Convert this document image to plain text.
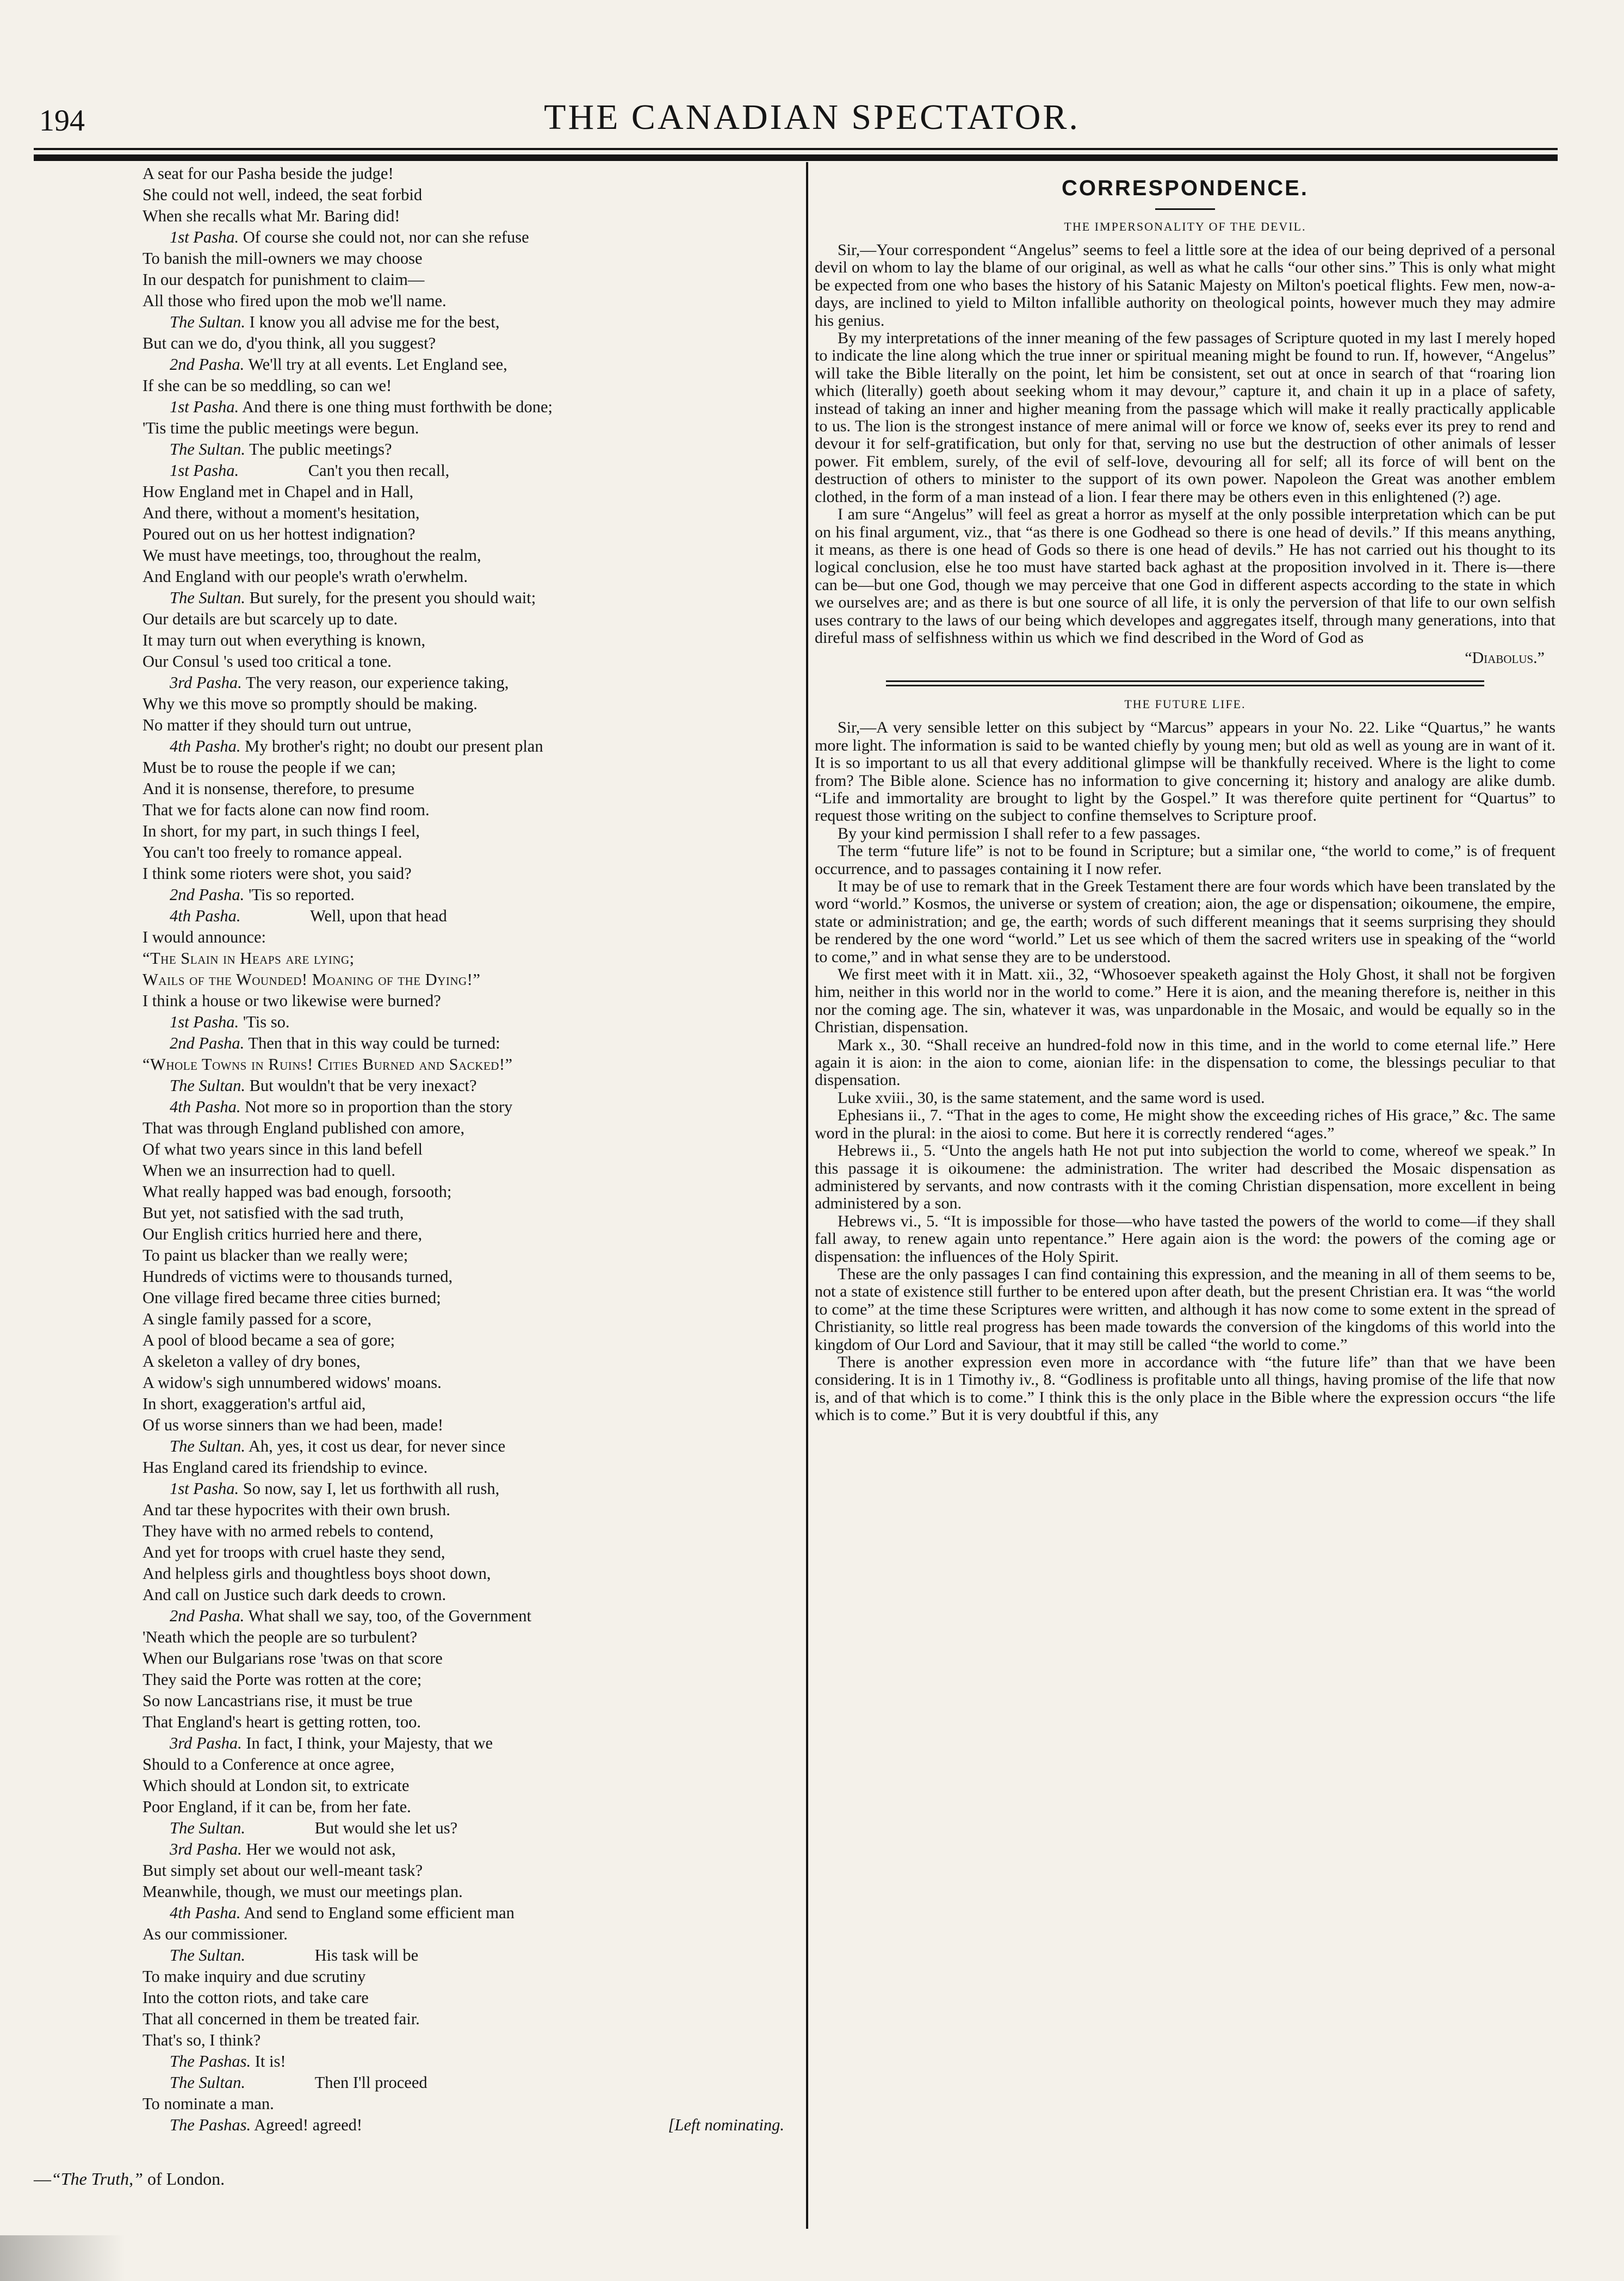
194	THE CANADIAN SPECTATOR.
A seat for our Pasha beside the judge!
She could not well, indeed, the seat forbid
When she recalls what Mr. Baring did!
1st Pasha. Of course she could not, nor can she refuse
To banish the mill-owners we may choose
In our despatch for punishment to claim—
All those who fired upon the mob we'll name.
The Sultan. I know you all advise me for the best,
But can we do, d'you think, all you suggest?
2nd Pasha. We'll try at all events. Let England see,
If she can be so meddling, so can we!
1st Pasha. And there is one thing must forthwith be done;
'Tis time the public meetings were begun.
The Sultan. The public meetings?
1st Pasha.	Can't you then recall,
How England met in Chapel and in Hall,
And there, without a moment's hesitation,
Poured out on us her hottest indignation?
We must have meetings, too, throughout the realm,
And England with our people's wrath o'erwhelm.
The Sultan. But surely, for the present you should wait;
Our details are but scarcely up to date.
It may turn out when everything is known,
Our Consul 's used too critical a tone.
3rd Pasha. The very reason, our experience taking,
Why we this move so promptly should be making.
No matter if they should turn out untrue,
4th Pasha. My brother's right; no doubt our present plan
Must be to rouse the people if we can;
And it is nonsense, therefore, to presume
That we for facts alone can now find room.
In short, for my part, in such things I feel,
You can't too freely to romance appeal.
I think some rioters were shot, you said?
2nd Pasha. 'Tis so reported.
4th Pasha.	Well, upon that head
I would announce:
“The Slain in Heaps are lying;
Wails of the Wounded! Moaning of the Dying!”
I think a house or two likewise were burned?
1st Pasha. 'Tis so.
2nd Pasha. Then that in this way could be turned:
“Whole Towns in Ruins! Cities Burned and Sacked!”
The Sultan. But wouldn't that be very inexact?
4th Pasha. Not more so in proportion than the story
That was through England published con amore,
Of what two years since in this land befell
When we an insurrection had to quell.
What really happed was bad enough, forsooth;
But yet, not satisfied with the sad truth,
Our English critics hurried here and there,
To paint us blacker than we really were;
Hundreds of victims were to thousands turned,
One village fired became three cities burned;
A single family passed for a score,
A pool of blood became a sea of gore;
A skeleton a valley of dry bones,
A widow's sigh unnumbered widows' moans.
In short, exaggeration's artful aid,
Of us worse sinners than we had been, made!
The Sultan. Ah, yes, it cost us dear, for never since
Has England cared its friendship to evince.
1st Pasha. So now, say I, let us forthwith all rush,
And tar these hypocrites with their own brush.
They have with no armed rebels to contend,
And yet for troops with cruel haste they send,
And helpless girls and thoughtless boys shoot down,
And call on Justice such dark deeds to crown.
2nd Pasha. What shall we say, too, of the Government
'Neath which the people are so turbulent?
When our Bulgarians rose 'twas on that score
They said the Porte was rotten at the core;
So now Lancastrians rise, it must be true
That England's heart is getting rotten, too.
3rd Pasha. In fact, I think, your Majesty, that we
Should to a Conference at once agree,
Which should at London sit, to extricate
Poor England, if it can be, from her fate.
The Sultan.	But would she let us?
3rd Pasha. Her we would not ask,
But simply set about our well-meant task?
Meanwhile, though, we must our meetings plan.
4th Pasha. And send to England some efficient man
As our commissioner.
The Sultan.	His task will be
To make inquiry and due scrutiny
Into the cotton riots, and take care
That all concerned in them be treated fair.
That's so, I think?
The Pashas. It is!
The Sultan.	Then I'll proceed
To nominate a man.
The Pashas. Agreed! agreed!	[Left nominating.
—“The Truth,” of London.
CORRESPONDENCE.
THE IMPERSONALITY OF THE DEVIL.

Sir,—Your correspondent “Angelus” seems to feel a little sore at the idea of our being deprived of a personal devil on whom to lay the blame of our original, as well as what he calls “our other sins.” This is only what might be expected from one who bases the history of his Satanic Majesty on Milton's poetical flights. Few men, now-a-days, are inclined to yield to Milton infallible authority on theological points, however much they may admire his genius.

By my interpretations of the inner meaning of the few passages of Scripture quoted in my last I merely hoped to indicate the line along which the true inner or spiritual meaning might be found to run. If, however, “Angelus” will take the Bible literally on the point, let him be consistent, set out at once in search of that “roaring lion which (literally) goeth about seeking whom it may devour,” capture it, and chain it up in a place of safety, instead of taking an inner and higher meaning from the passage which will make it really practically applicable to us. The lion is the strongest instance of mere animal will or force we know of, seeks ever its prey to rend and devour it for self-gratification, but only for that, serving no use but the destruction of other animals of lesser power. Fit emblem, surely, of the evil of self-love, devouring all for self; all its force of will bent on the destruction of others to minister to the support of its own power. Napoleon the Great was another emblem clothed, in the form of a man instead of a lion. I fear there may be others even in this enlightened (?) age.

I am sure “Angelus” will feel as great a horror as myself at the only possible interpretation which can be put on his final argument, viz., that “as there is one Godhead so there is one head of devils.” If this means anything, it means, as there is one head of Gods so there is one head of devils.” He has not carried out his thought to its logical conclusion, else he too must have started back aghast at the proposition involved in it. There is—there can be—but one God, though we may perceive that one God in different aspects according to the state in which we ourselves are; and as there is but one source of all life, it is only the perversion of that life to our own selfish uses contrary to the laws of our being which developes and aggregates itself, through many generations, into that direful mass of selfishness within us which we find described in the Word of God as

“Diabolus.”
THE FUTURE LIFE.

Sir,—A very sensible letter on this subject by “Marcus” appears in your No. 22. Like “Quartus,” he wants more light. The information is said to be wanted chiefly by young men; but old as well as young are in want of it. It is so important to us all that every additional glimpse will be thankfully received. Where is the light to come from? The Bible alone. Science has no information to give concerning it; history and analogy are alike dumb. “Life and immortality are brought to light by the Gospel.” It was therefore quite pertinent for “Quartus” to request those writing on the subject to confine themselves to Scripture proof.

By your kind permission I shall refer to a few passages.

The term “future life” is not to be found in Scripture; but a similar one, “the world to come,” is of frequent occurrence, and to passages containing it I now refer.

It may be of use to remark that in the Greek Testament there are four words which have been translated by the word “world.” Kosmos, the universe or system of creation; aion, the age or dispensation; oikoumene, the empire, state or administration; and ge, the earth; words of such different meanings that it seems surprising they should be rendered by the one word “world.” Let us see which of them the sacred writers use in speaking of the “world to come,” and in what sense they are to be understood.

We first meet with it in Matt. xii., 32, “Whosoever speaketh against the Holy Ghost, it shall not be forgiven him, neither in this world nor in the world to come.” Here it is aion, and the meaning therefore is, neither in this nor the coming age. The sin, whatever it was, was unpardonable in the Mosaic, and would be equally so in the Christian, dispensation.

Mark x., 30. “Shall receive an hundred-fold now in this time, and in the world to come eternal life.” Here again it is aion: in the aion to come, aionian life: in the dispensation to come, the blessings peculiar to that dispensation.

Luke xviii., 30, is the same statement, and the same word is used.

Ephesians ii., 7. “That in the ages to come, He might show the exceeding riches of His grace,” &c. The same word in the plural: in the aiosi to come. But here it is correctly rendered “ages.”

Hebrews ii., 5. “Unto the angels hath He not put into subjection the world to come, whereof we speak.” In this passage it is oikoumene: the administration. The writer had described the Mosaic dispensation as administered by servants, and now contrasts with it the coming Christian dispensation, more excellent in being administered by a son.

Hebrews vi., 5. “It is impossible for those—who have tasted the powers of the world to come—if they shall fall away, to renew again unto repentance.” Here again aion is the word: the powers of the coming age or dispensation: the influences of the Holy Spirit.

These are the only passages I can find containing this expression, and the meaning in all of them seems to be, not a state of existence still further to be entered upon after death, but the present Christian era. It was “the world to come” at the time these Scriptures were written, and although it has now come to some extent in the spread of Christianity, so little real progress has been made towards the conversion of the kingdoms of this world into the kingdom of Our Lord and Saviour, that it may still be called “the world to come.”

There is another expression even more in accordance with “the future life” than that we have been considering. It is in 1 Timothy iv., 8. “Godliness is profitable unto all things, having promise of the life that now is, and of that which is to come.” I think this is the only place in the Bible where the expression occurs “the life which is to come.” But it is very doubtful if this, any
